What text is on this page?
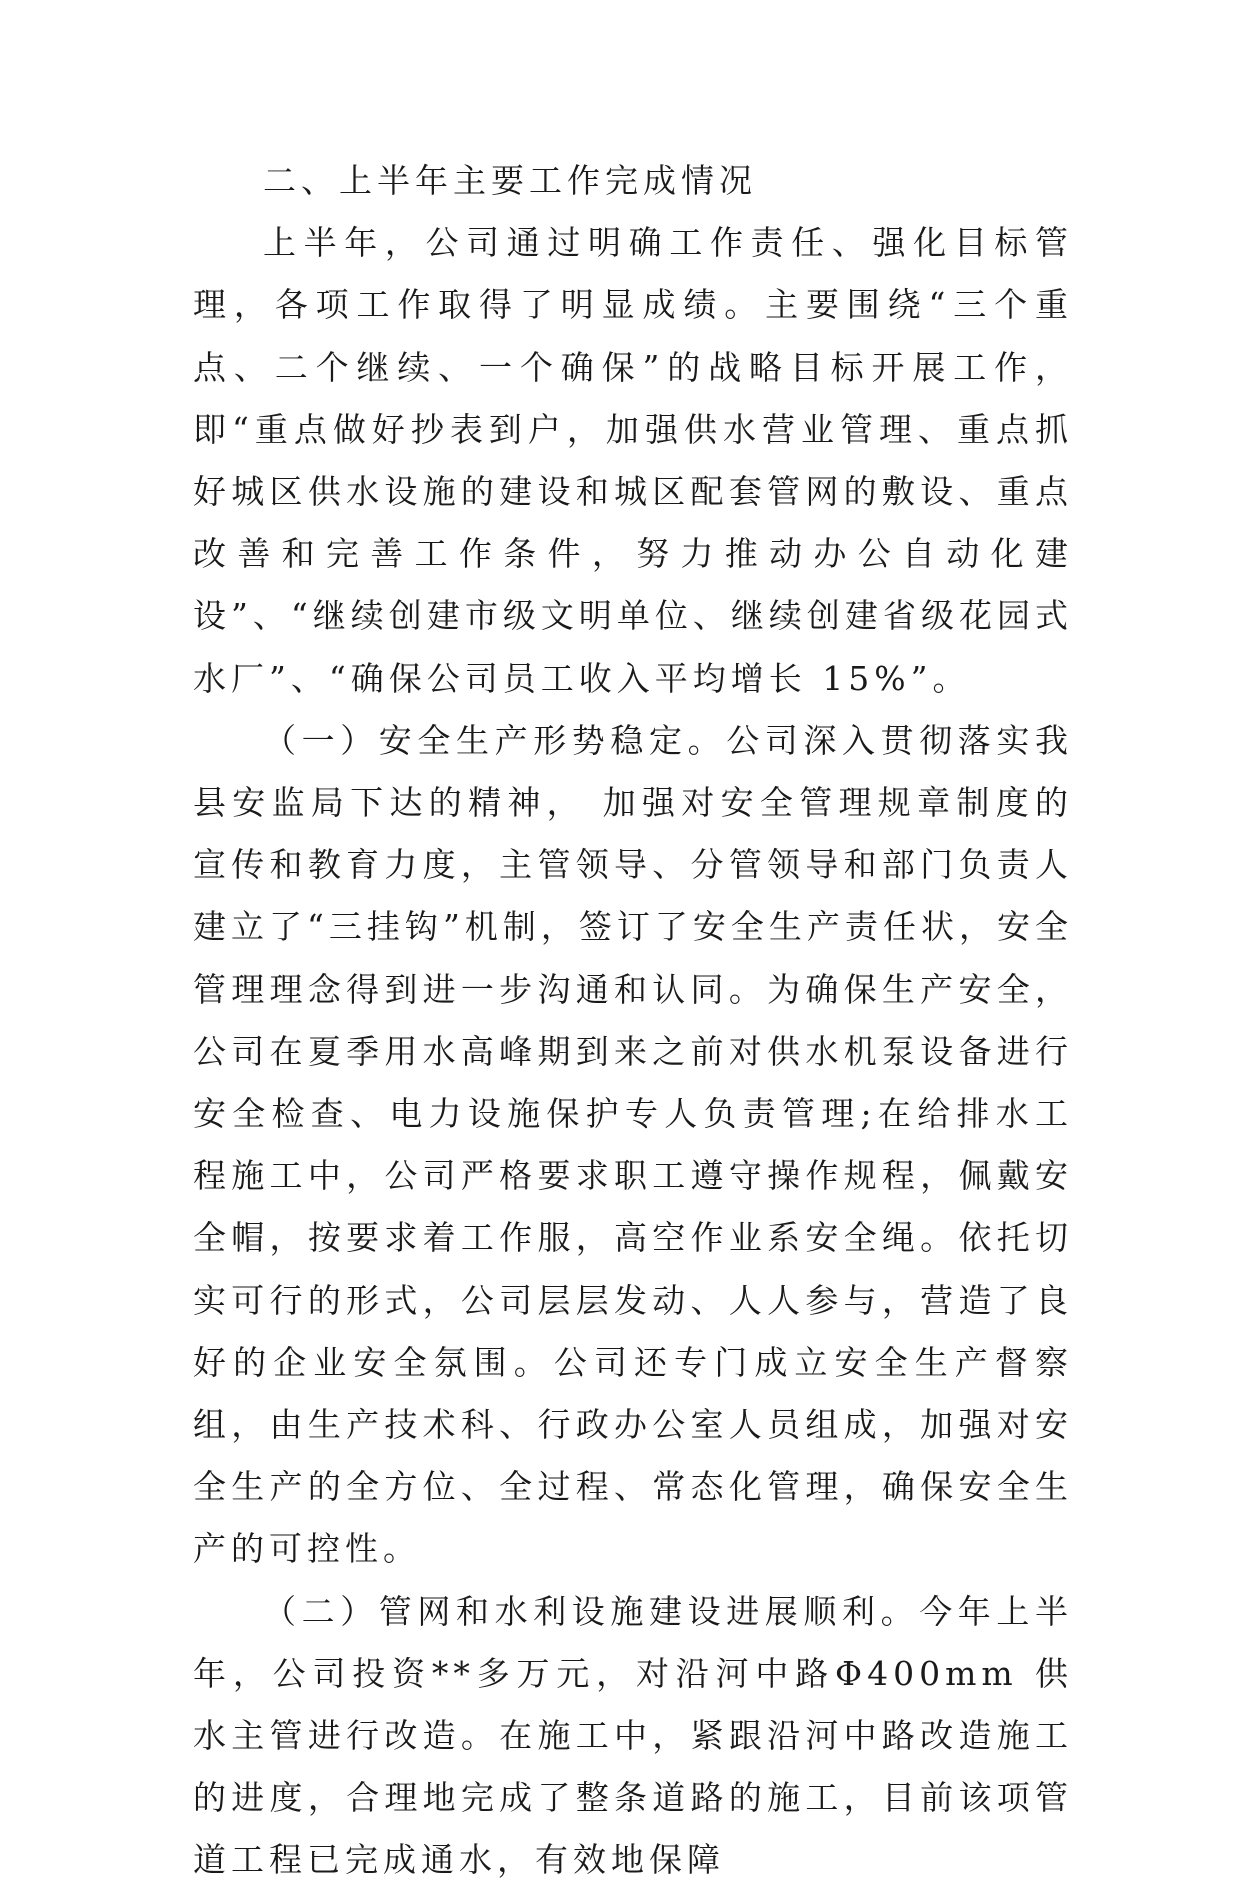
二、上半年主要工作完成情况

上半年，公司通过明确工作责任、强化目标管理，各项工作取得了明显成绩。主要围绕“三个重点、二个继续、一个确保”的战略目标开展工作，即“重点做好抄表到户，加强供水营业管理、重点抓好城区供水设施的建设和城区配套管网的敷设、重点改善和完善工作条件，努力推动办公自动化建设”、“继续创建市级文明单位、继续创建省级花园式水厂”、“确保公司员工收入平均增长 15%”。

（一）安全生产形势稳定。公司深入贯彻落实我县安监局下达的精神， 加强对安全管理规章制度的宣传和教育力度，主管领导、分管领导和部门负责人建立了“三挂钩”机制，签订了安全生产责任状，安全管理理念得到进一步沟通和认同。为确保生产安全，公司在夏季用水高峰期到来之前对供水机泵设备进行安全检查、电力设施保护专人负责管理;在给排水工程施工中，公司严格要求职工遵守操作规程，佩戴安全帽，按要求着工作服，高空作业系安全绳。依托切实可行的形式，公司层层发动、人人参与，营造了良好的企业安全氛围。公司还专门成立安全生产督察组，由生产技术科、行政办公室人员组成，加强对安全生产的全方位、全过程、常态化管理，确保安全生产的可控性。

（二）管网和水利设施建设进展顺利。今年上半年，公司投资**多万元，对沿河中路Φ400mm 供水主管进行改造。在施工中，紧跟沿河中路改造施工的进度，合理地完成了整条道路的施工，目前该项管道工程已完成通水，有效地保障
